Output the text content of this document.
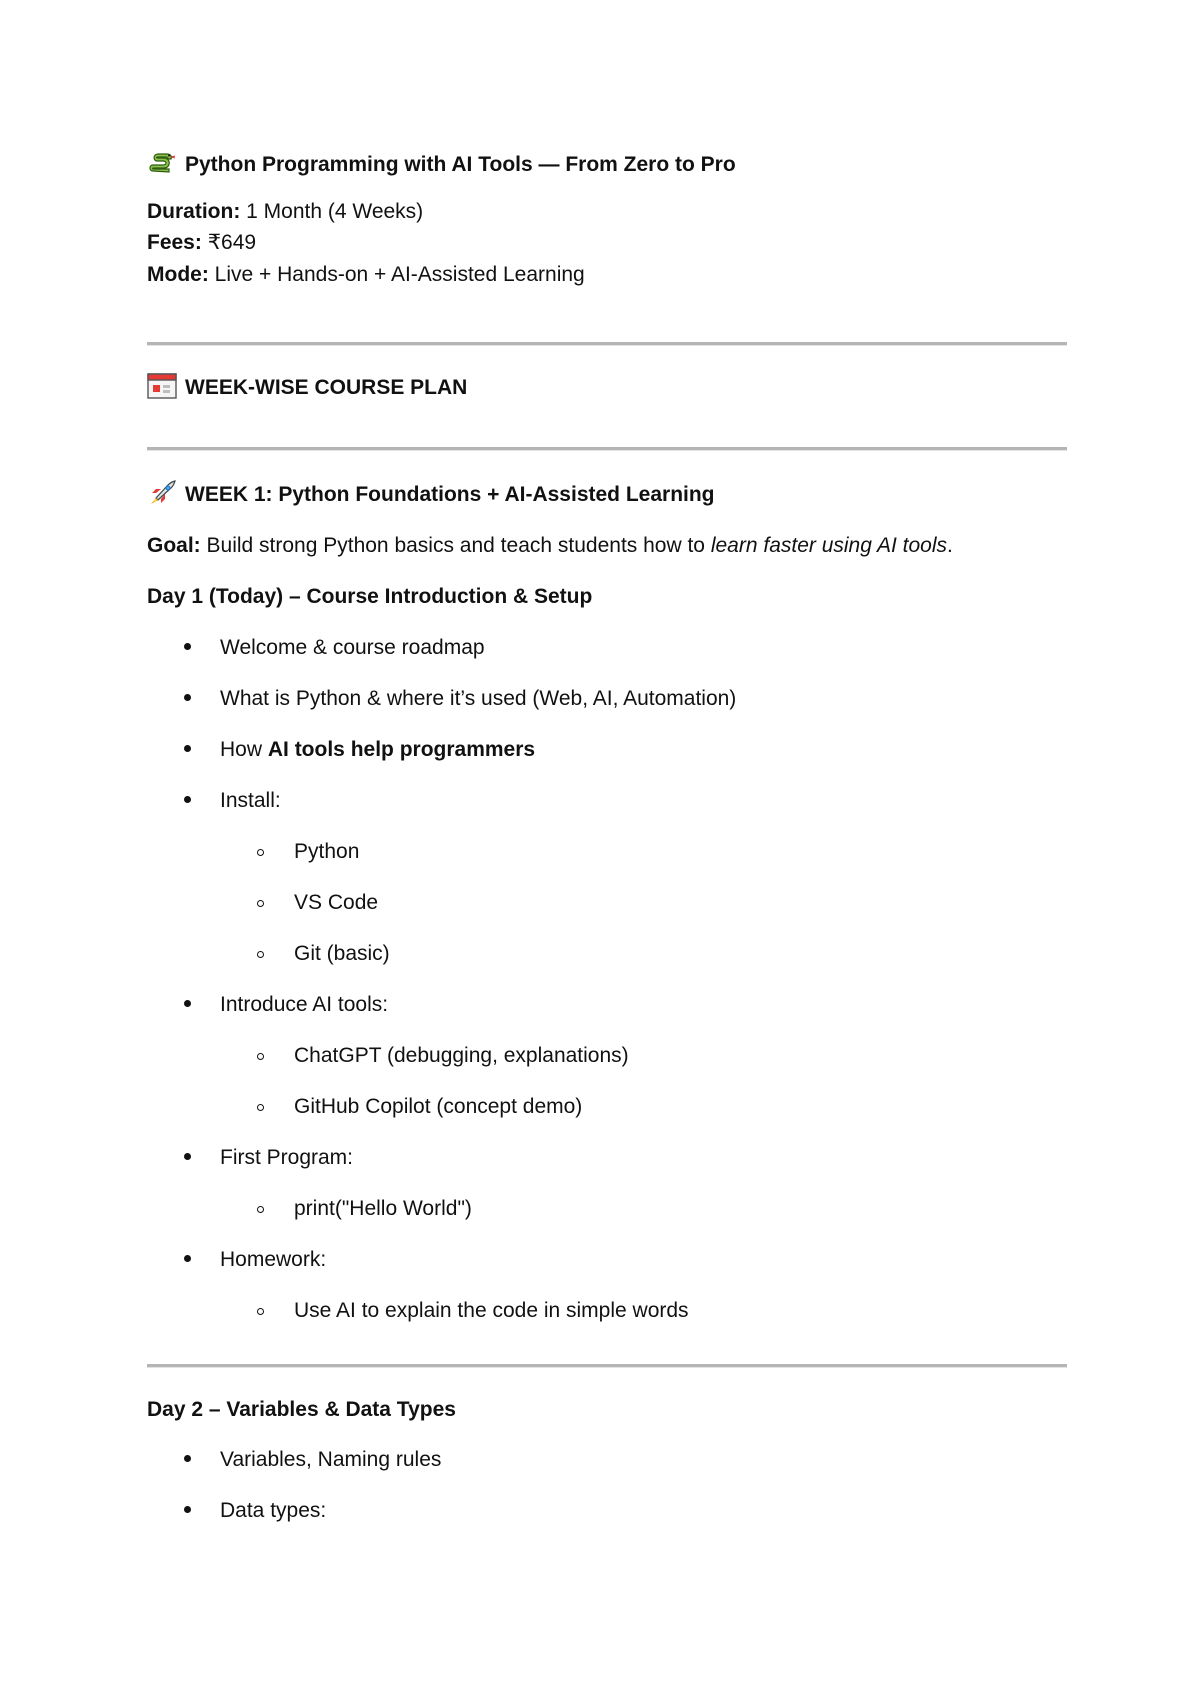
Python Programming with AI Tools — From Zero to Pro
Duration: 1 Month (4 Weeks)
Fees: ₹649
Mode: Live + Hands-on + AI-Assisted Learning
WEEK-WISE COURSE PLAN
WEEK 1: Python Foundations + AI-Assisted Learning
Goal: Build strong Python basics and teach students how to learn faster using AI tools.
Day 1 (Today) – Course Introduction & Setup
Welcome & course roadmap
What is Python & where it’s used (Web, AI, Automation)
How AI tools help programmers
Install:
Python
VS Code
Git (basic)
Introduce AI tools:
ChatGPT (debugging, explanations)
GitHub Copilot (concept demo)
First Program:
print("Hello World")
Homework:
Use AI to explain the code in simple words
Day 2 – Variables & Data Types
Variables, Naming rules
Data types:
